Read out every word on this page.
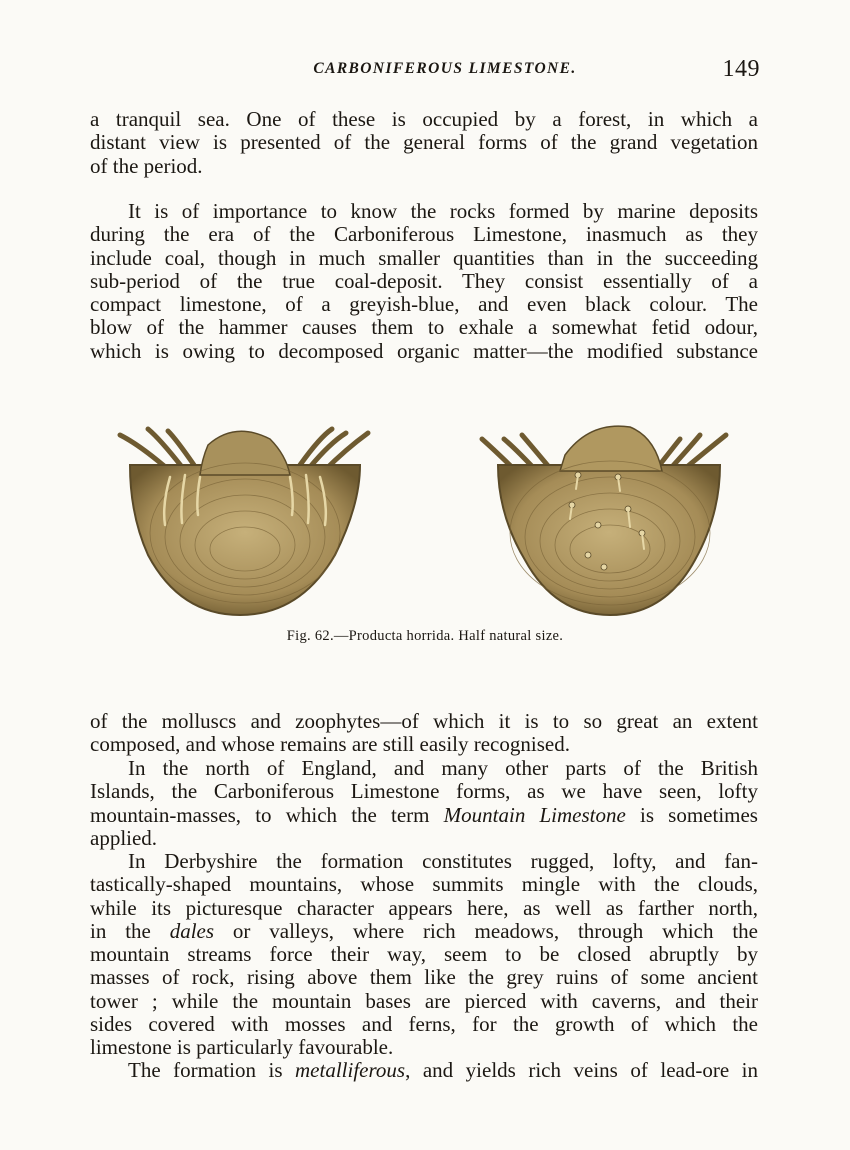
CARBONIFEROUS LIMESTONE.	149
a tranquil sea. One of these is occupied by a forest, in which a
distant view is presented of the general forms of the grand vegetation
of the period.
It is of importance to know the rocks formed by marine deposits
during the era of the Carboniferous Limestone, inasmuch as they
include coal, though in much smaller quantities than in the succeeding
sub-period of the true coal-deposit. They consist essentially of a
compact limestone, of a greyish-blue, and even black colour. The
blow of the hammer causes them to exhale a somewhat fetid odour,
which is owing to decomposed organic matter—the modified substance
Fig. 62.—Producta horrida. Half natural size.
of the molluscs and zoophytes—of which it is to so great an extent
composed, and whose remains are still easily recognised.
In the north of England, and many other parts of the British
Islands, the Carboniferous Limestone forms, as we have seen, lofty
mountain-masses, to which the term Mountain Limestone is sometimes
applied.
In Derbyshire the formation constitutes rugged, lofty, and fan-
tastically-shaped mountains, whose summits mingle with the clouds,
while its picturesque character appears here, as well as farther north,
in the dales or valleys, where rich meadows, through which the
mountain streams force their way, seem to be closed abruptly by
masses of rock, rising above them like the grey ruins of some ancient
tower ; while the mountain bases are pierced with caverns, and their
sides covered with mosses and ferns, for the growth of which the
limestone is particularly favourable.
The formation is metalliferous, and yields rich veins of lead-ore in
